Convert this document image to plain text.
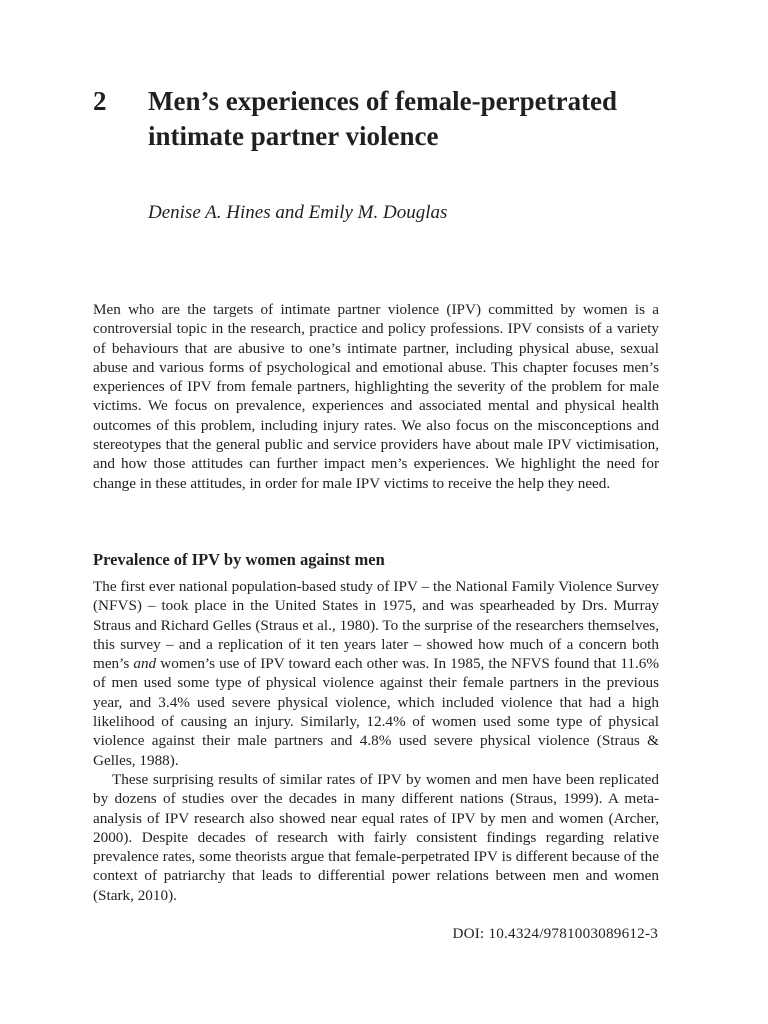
2 Men’s experiences of female-perpetrated intimate partner violence
Denise A. Hines and Emily M. Douglas
Men who are the targets of intimate partner violence (IPV) committed by women is a controversial topic in the research, practice and policy professions. IPV consists of a variety of behaviours that are abusive to one’s intimate partner, including physical abuse, sexual abuse and various forms of psychological and emotional abuse. This chapter focuses men’s experiences of IPV from female partners, highlighting the severity of the problem for male victims. We focus on prevalence, experiences and associated mental and physical health outcomes of this problem, including injury rates. We also focus on the misconceptions and stereotypes that the general public and service providers have about male IPV victimisation, and how those attitudes can further impact men’s experiences. We highlight the need for change in these attitudes, in order for male IPV victims to receive the help they need.
Prevalence of IPV by women against men

The first ever national population-based study of IPV – the National Family Violence Survey (NFVS) – took place in the United States in 1975, and was spearheaded by Drs. Murray Straus and Richard Gelles (Straus et al., 1980). To the surprise of the researchers themselves, this survey – and a replication of it ten years later – showed how much of a concern both men’s and women’s use of IPV toward each other was. In 1985, the NFVS found that 11.6% of men used some type of physical violence against their female partners in the previous year, and 3.4% used severe physical violence, which included violence that had a high likelihood of causing an injury. Similarly, 12.4% of women used some type of physical violence against their male partners and 4.8% used severe physical violence (Straus & Gelles, 1988).

These surprising results of similar rates of IPV by women and men have been replicated by dozens of studies over the decades in many different nations (Straus, 1999). A meta-analysis of IPV research also showed near equal rates of IPV by men and women (Archer, 2000). Despite decades of research with fairly consistent findings regarding relative prevalence rates, some theorists argue that female-perpetrated IPV is different because of the context of patriarchy that leads to differential power relations between men and women (Stark, 2010).

DOI: 10.4324/9781003089612-3
